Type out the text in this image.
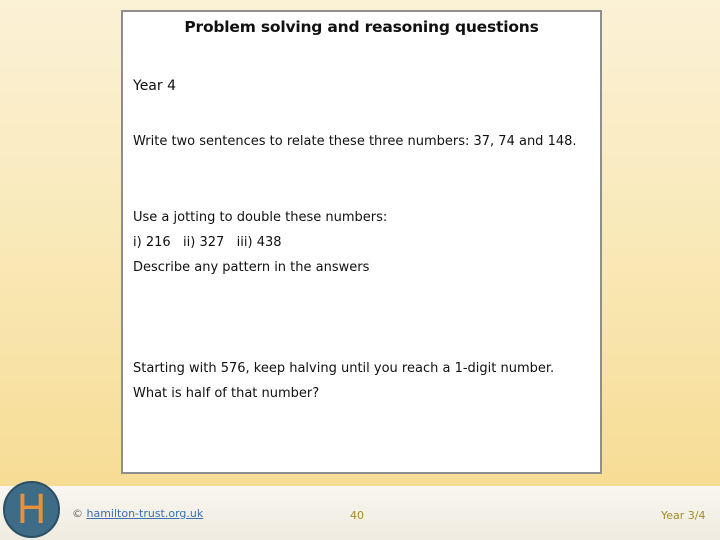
Problem solving and reasoning questions
Year 4
Write two sentences to relate these three numbers: 37, 74 and 148.
Use a jotting to double these numbers:
i) 216   ii) 327   iii) 438
Describe any pattern in the answers
Starting with 576, keep halving until you reach a 1-digit number.
What is half of that number?
H	© hamilton-trust.org.uk	40	Year 3/4
